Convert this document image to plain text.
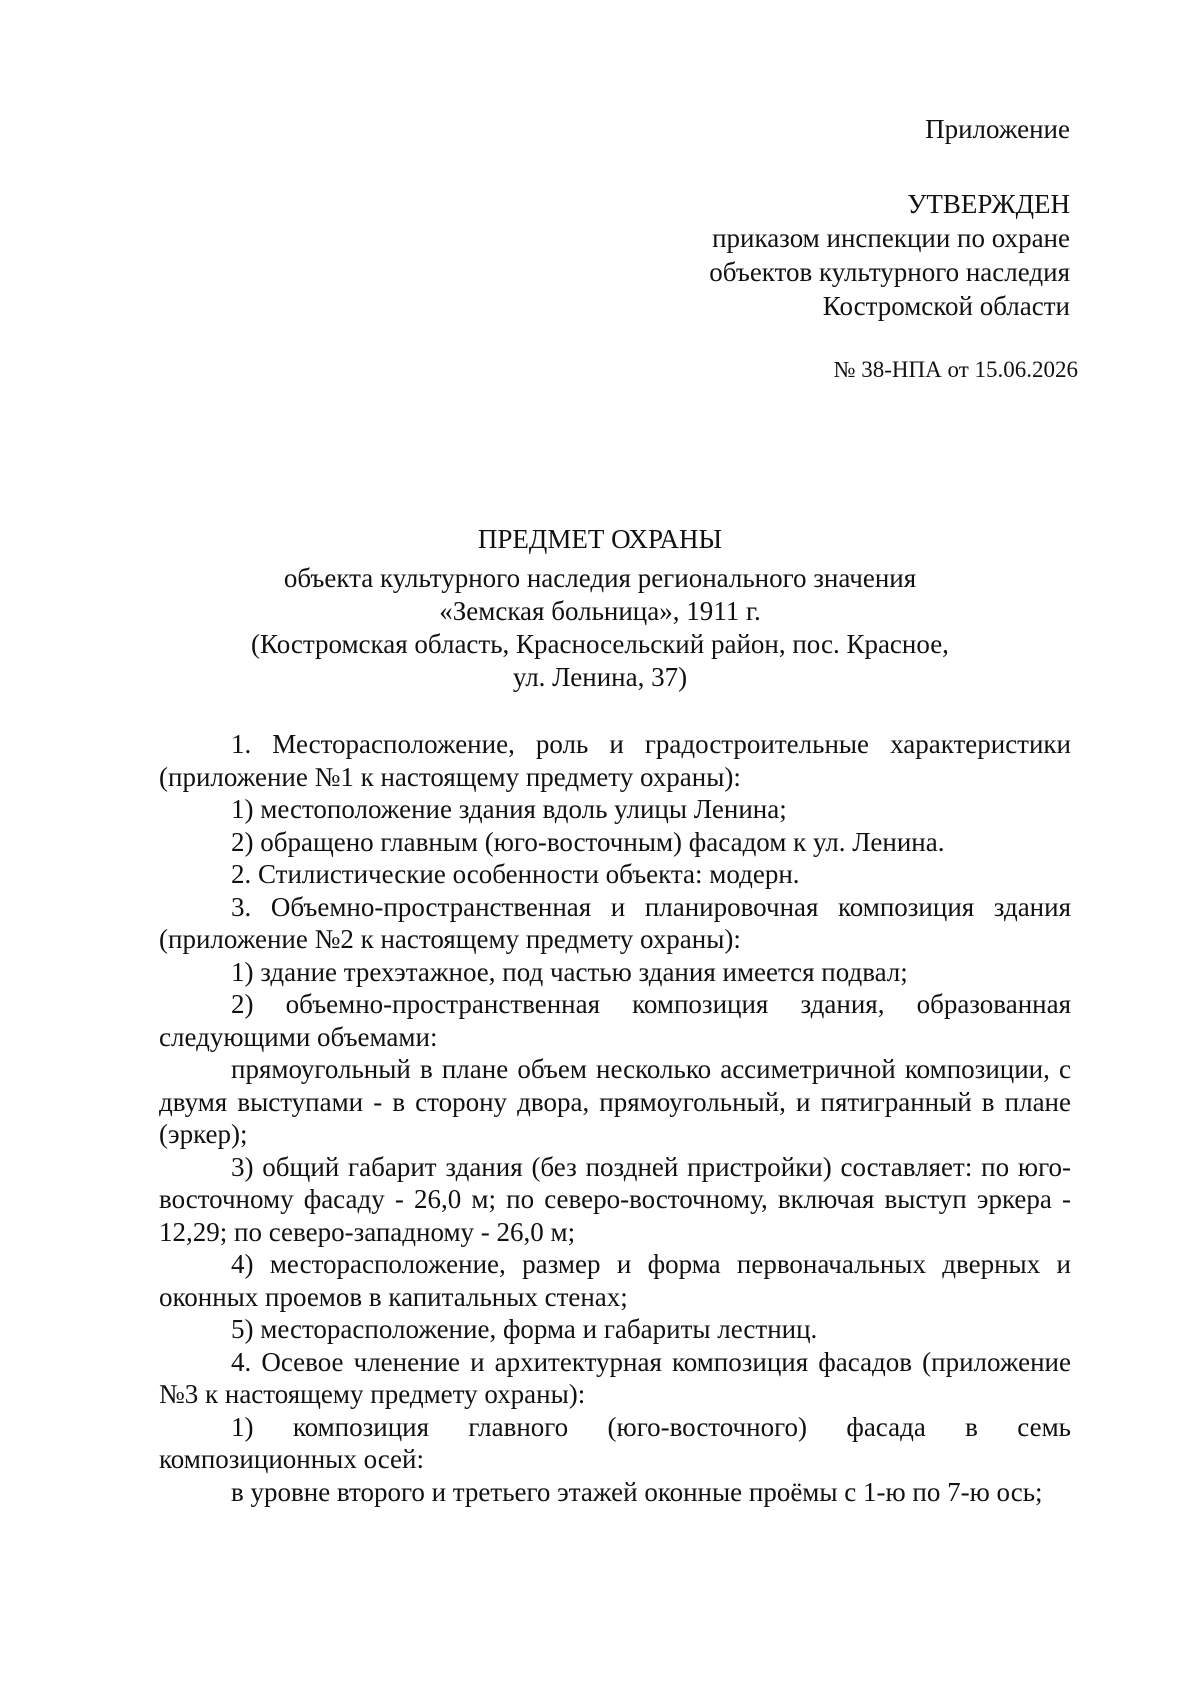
Приложение
УТВЕРЖДЕН
приказом инспекции по охране
объектов культурного наследия
Костромской области
№ 38-НПА от 15.06.2026
ПРЕДМЕТ ОХРАНЫ
объекта культурного наследия регионального значения
«Земская больница», 1911 г.
(Костромская область, Красносельский район, пос. Красное,
ул. Ленина, 37)

1. Месторасположение, роль и градостроительные характеристики (приложение №1 к настоящему предмету охраны):

1) местоположение здания вдоль улицы Ленина;

2) обращено главным (юго-восточным) фасадом к ул. Ленина.

2. Стилистические особенности объекта: модерн.

3. Объемно-пространственная и планировочная композиция здания (приложение №2 к настоящему предмету охраны):

1) здание трехэтажное, под частью здания имеется подвал;

2) объемно-пространственная композиция здания, образованная следующими объемами:

прямоугольный в плане объем несколько ассиметричной композиции, с двумя выступами - в сторону двора, прямоугольный, и пятигранный в плане (эркер);

3) общий габарит здания (без поздней пристройки) составляет: по юго-восточному фасаду - 26,0 м; по северо-восточному, включая выступ эркера - 12,29; по северо-западному - 26,0 м;

4) месторасположение, размер и форма первоначальных дверных и оконных проемов в капитальных стенах;

5) месторасположение, форма и габариты лестниц.

4. Осевое членение и архитектурная композиция фасадов (приложение №3 к настоящему предмету охраны):

1) композиция главного (юго-восточного) фасада в семь композиционных осей:

в уровне второго и третьего этажей оконные проёмы с 1-ю по 7-ю ось;
